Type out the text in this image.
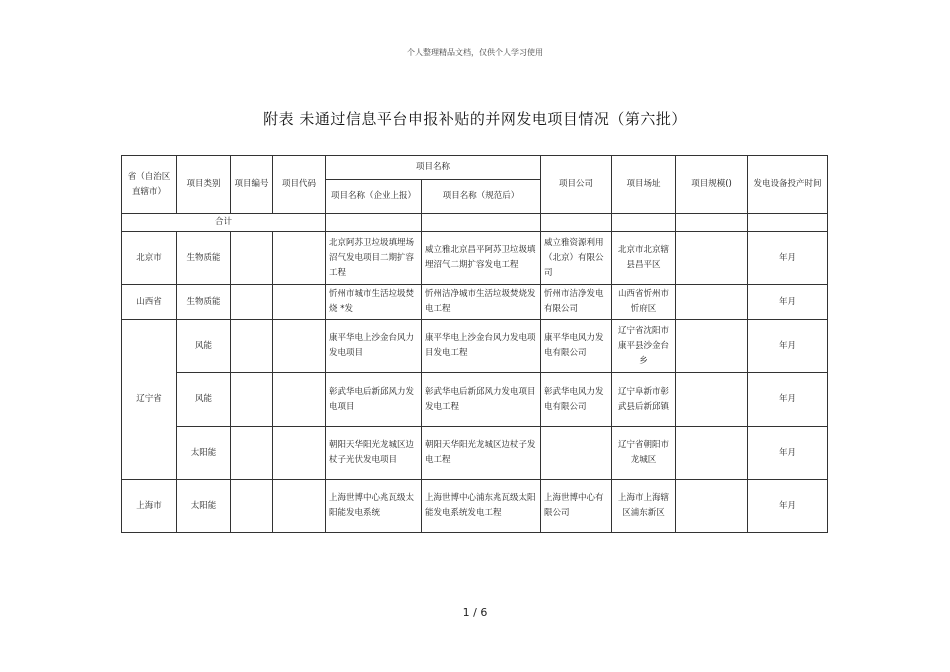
个人整理精品文档，仅供个人学习使用
附表 未通过信息平台申报补贴的并网发电项目情况（第六批）
省（自治区直辖市）	项目类别	项目编号	项目代码	项目名称		项目公司	项目场址	项目规模()	发电设备投产时间
				项目名称（企业上报）	项目名称（规范后）				
合计									
北京市	生物质能			北京阿苏卫垃圾填埋场沼气发电项目二期扩容工程	威立雅北京昌平阿苏卫垃圾填埋沼气二期扩容发电工程	威立雅资源利用（北京）有限公司	北京市北京辖县昌平区		年月
山西省	生物质能			忻州市城市生活垃圾焚烧 *发	忻州洁净城市生活垃圾焚烧发电工程	忻州市洁净发电有限公司	山西省忻州市忻府区		年月
辽宁省	风能			康平华电上沙金台风力发电项目	康平华电上沙金台风力发电项目发电工程	康平华电风力发电有限公司	辽宁省沈阳市康平县沙金台乡		年月
	风能			彰武华电后新邱风力发电项目	彰武华电后新邱风力发电项目发电工程	彰武华电风力发电有限公司	辽宁阜新市彰武县后新邱镇		年月
	太阳能			朝阳天华阳光龙城区边杖子光伏发电项目	朝阳天华阳光龙城区边杖子发电工程		辽宁省朝阳市龙城区		年月
上海市	太阳能			上海世博中心兆瓦级太阳能发电系统	上海世博中心浦东兆瓦级太阳能发电系统发电工程	上海世博中心有限公司	上海市上海辖区浦东新区		年月
1 / 6
